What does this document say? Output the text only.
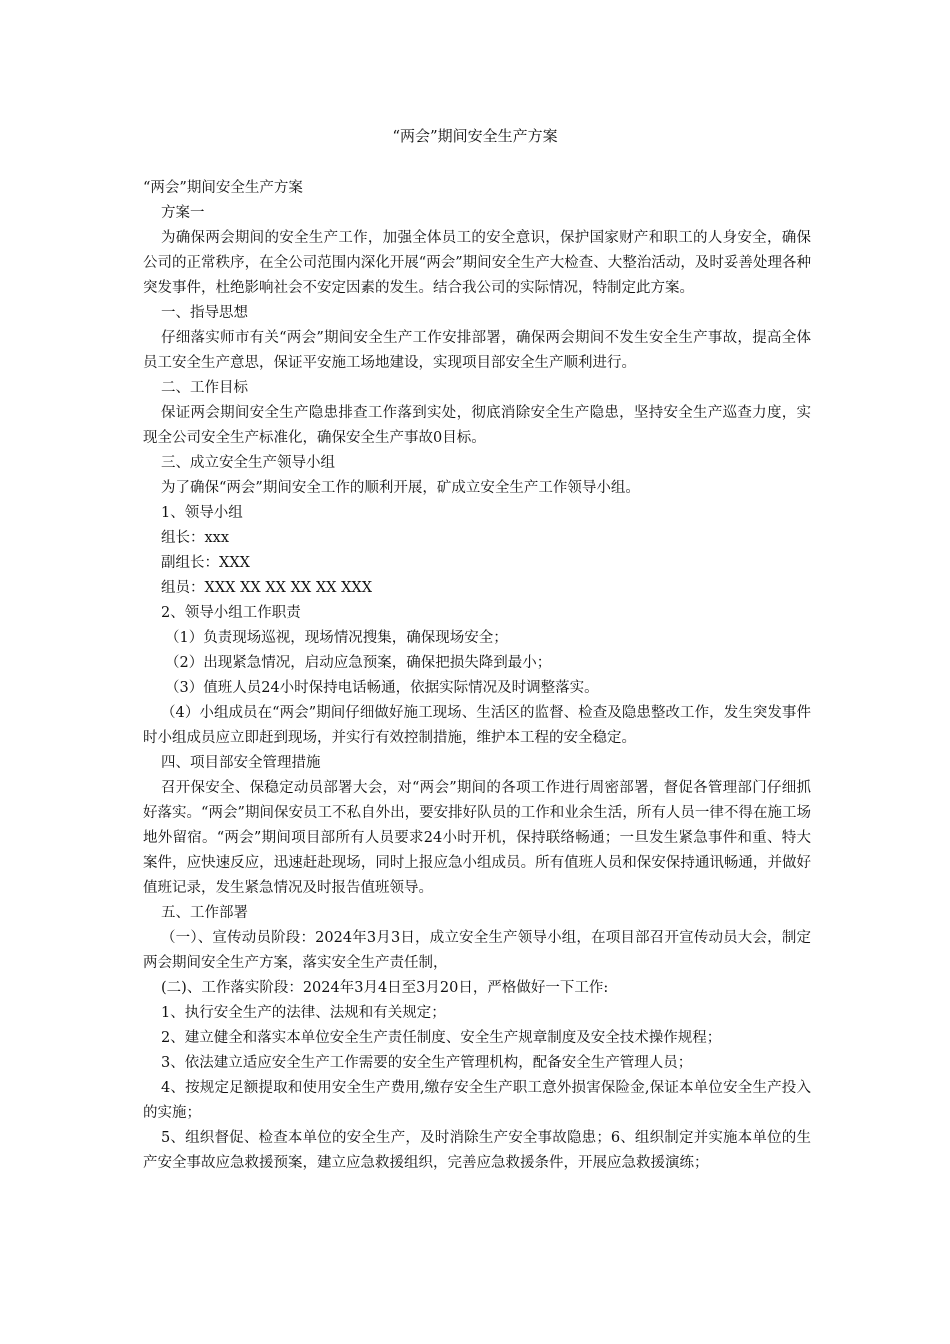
“两会”期间安全生产方案

“两会”期间安全生产方案

方案一

为确保两会期间的安全生产工作，加强全体员工的安全意识，保护国家财产和职工的人身安全，确保公司的正常秩序，在全公司范围内深化开展“两会”期间安全生产大检查、大整治活动，及时妥善处理各种突发事件，杜绝影响社会不安定因素的发生。结合我公司的实际情况，特制定此方案。

一、指导思想

仔细落实师市有关“两会”期间安全生产工作安排部署，确保两会期间不发生安全生产事故，提高全体员工安全生产意思，保证平安施工场地建设，实现项目部安全生产顺利进行。

二、工作目标

保证两会期间安全生产隐患排查工作落到实处，彻底消除安全生产隐患，坚持安全生产巡查力度，实现全公司安全生产标准化，确保安全生产事故0目标。

三、成立安全生产领导小组

为了确保“两会”期间安全工作的顺利开展，矿成立安全生产工作领导小组。

1、领导小组

组长：xxx

副组长：XXX

组员：XXX XX XX XX XX XXX

2、领导小组工作职责

（1）负责现场巡视，现场情况搜集，确保现场安全；

（2）出现紧急情况，启动应急预案，确保把损失降到最小；

（3）值班人员24小时保持电话畅通，依据实际情况及时调整落实。

（4）小组成员在“两会”期间仔细做好施工现场、生活区的监督、检查及隐患整改工作，发生突发事件时小组成员应立即赶到现场，并实行有效控制措施，维护本工程的安全稳定。

四、项目部安全管理措施

召开保安全、保稳定动员部署大会，对“两会”期间的各项工作进行周密部署，督促各管理部门仔细抓好落实。“两会”期间保安员工不私自外出，要安排好队员的工作和业余生活，所有人员一律不得在施工场地外留宿。“两会”期间项目部所有人员要求24小时开机，保持联络畅通；一旦发生紧急事件和重、特大案件，应快速反应，迅速赶赴现场，同时上报应急小组成员。所有值班人员和保安保持通讯畅通，并做好值班记录，发生紧急情况及时报告值班领导。

五、工作部署

（一）、宣传动员阶段：2024年3月3日，成立安全生产领导小组，在项目部召开宣传动员大会，制定两会期间安全生产方案，落实安全生产责任制，

(二)、工作落实阶段：2024年3月4日至3月20日，严格做好一下工作:

1、执行安全生产的法律、法规和有关规定；

2、建立健全和落实本单位安全生产责任制度、安全生产规章制度及安全技术操作规程；

3、依法建立适应安全生产工作需要的安全生产管理机构，配备安全生产管理人员；

4、按规定足额提取和使用安全生产费用,缴存安全生产职工意外损害保险金,保证本单位安全生产投入的实施；

5、组织督促、检查本单位的安全生产，及时消除生产安全事故隐患；6、组织制定并实施本单位的生产安全事故应急救援预案，建立应急救援组织，完善应急救援条件，开展应急救援演练；
